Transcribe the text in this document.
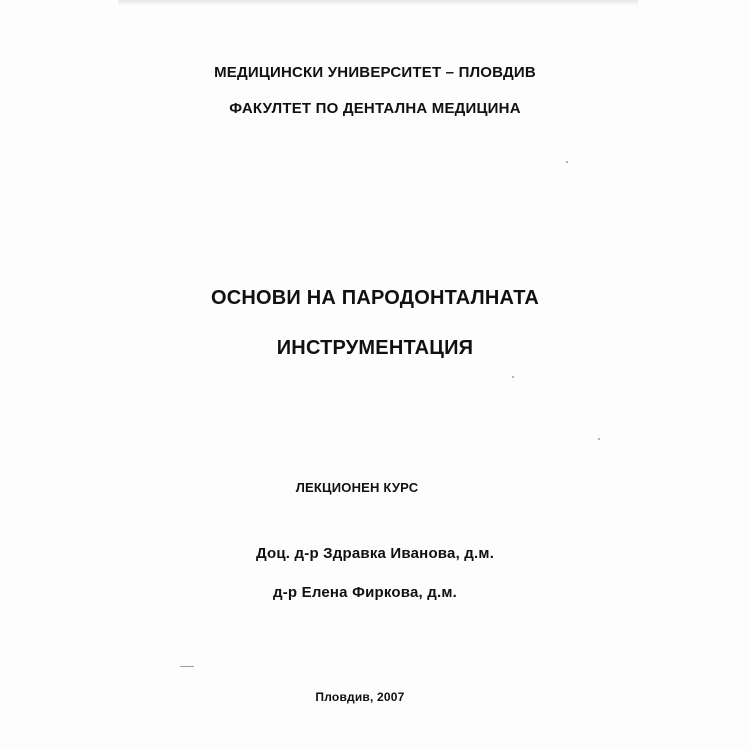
МЕДИЦИНСКИ УНИВЕРСИТЕТ – ПЛОВДИВ
ФАКУЛТЕТ ПО ДЕНТАЛНА МЕДИЦИНА
ОСНОВИ НА ПАРОДОНТАЛНАТА
ИНСТРУМЕНТАЦИЯ
ЛЕКЦИОНЕН КУРС
Доц. д-р Здравка Иванова, д.м.
д-р Елена Фиркова, д.м.
Пловдив, 2007
